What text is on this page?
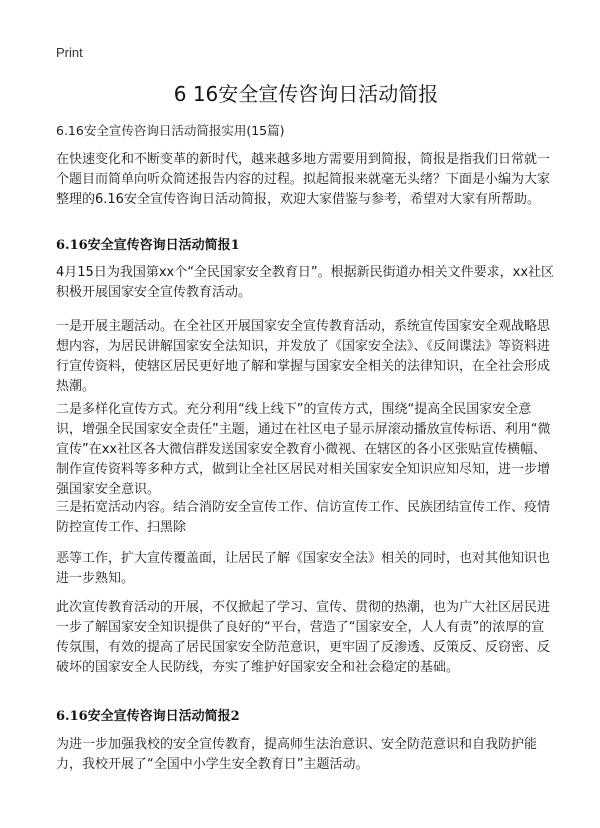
Print
6 16安全宣传咨询日活动简报
6.16安全宣传咨询日活动简报实用(15篇)

在快速变化和不断变革的新时代，越来越多地方需要用到简报，简报是指我们日常就一个题目而简单向听众简述报告内容的过程。拟起简报来就毫无头绪？下面是小编为大家整理的6.16安全宣传咨询日活动简报，欢迎大家借鉴与参考，希望对大家有所帮助。

6.16安全宣传咨询日活动简报1

4月15日为我国第xx个“全民国家安全教育日”。根据新民街道办相关文件要求，xx社区积极开展国家安全宣传教育活动。

一是开展主题活动。在全社区开展国家安全宣传教育活动，系统宣传国家安全观战略思想内容，为居民讲解国家安全法知识，并发放了《国家安全法》、《反间谍法》等资料进行宣传资料，使辖区居民更好地了解和掌握与国家安全相关的法律知识，在全社会形成热潮。

二是多样化宣传方式。充分利用“线上线下”的宣传方式，围绕“提高全民国家安全意识，增强全民国家安全责任”主题，通过在社区电子显示屏滚动播放宣传标语、利用“微宣传”在xx社区各大微信群发送国家安全教育小微视、在辖区的各小区张贴宣传横幅、制作宣传资料等多种方式，做到让全社区居民对相关国家安全知识应知尽知，进一步增强国家安全意识。

三是拓宽活动内容。结合消防安全宣传工作、信访宣传工作、民族团结宣传工作、疫情防控宣传工作、扫黑除

恶等工作，扩大宣传覆盖面，让居民了解《国家安全法》相关的同时，也对其他知识也进一步熟知。

此次宣传教育活动的开展，不仅掀起了学习、宣传、贯彻的热潮，也为广大社区居民进一步了解国家安全知识提供了良好的“平台，营造了“国家安全，人人有责”的浓厚的宣传氛围，有效的提高了居民国家安全防范意识，更牢固了反渗透、反策反、反窃密、反破坏的国家安全人民防线，夯实了维护好国家安全和社会稳定的基础。

6.16安全宣传咨询日活动简报2

为进一步加强我校的安全宣传教育，提高师生法治意识、安全防范意识和自我防护能力，我校开展了“全国中小学生安全教育日”主题活动。
